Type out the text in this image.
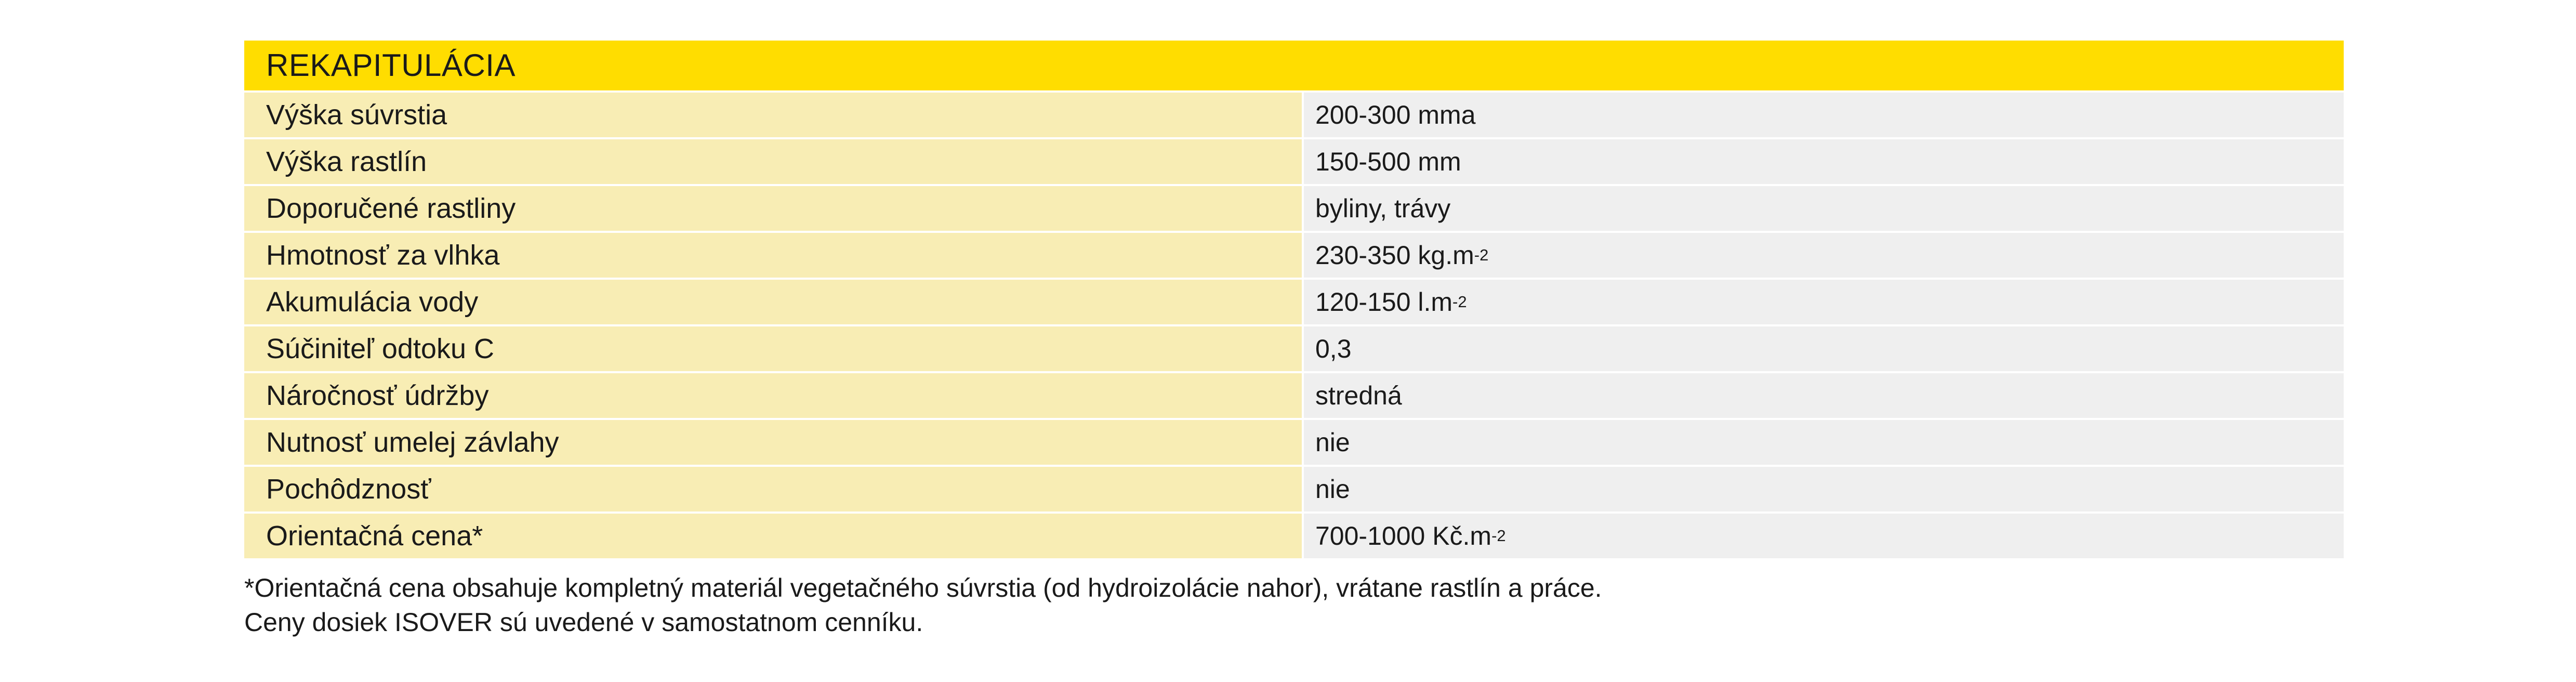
REKAPITULÁCIA
Výška súvrstia	200-300 mma
Výška rastlín	150-500 mm
Doporučené rastliny	byliny, trávy
Hmotnosť za vlhka	230-350 kg.m -2
Akumulácia vody	120-150 l.m -2
Súčiniteľ odtoku C	0,3
Náročnosť údržby	stredná
Nutnosť umelej závlahy	nie
Pochôdznosť	nie
Orientačná cena*	700-1000 Kč.m -2
*Orientačná cena obsahuje kompletný materiál vegetačného súvrstia (od hydroizolácie nahor), vrátane rastlín a práce.
Ceny dosiek ISOVER sú uvedené v samostatnom cenníku.
